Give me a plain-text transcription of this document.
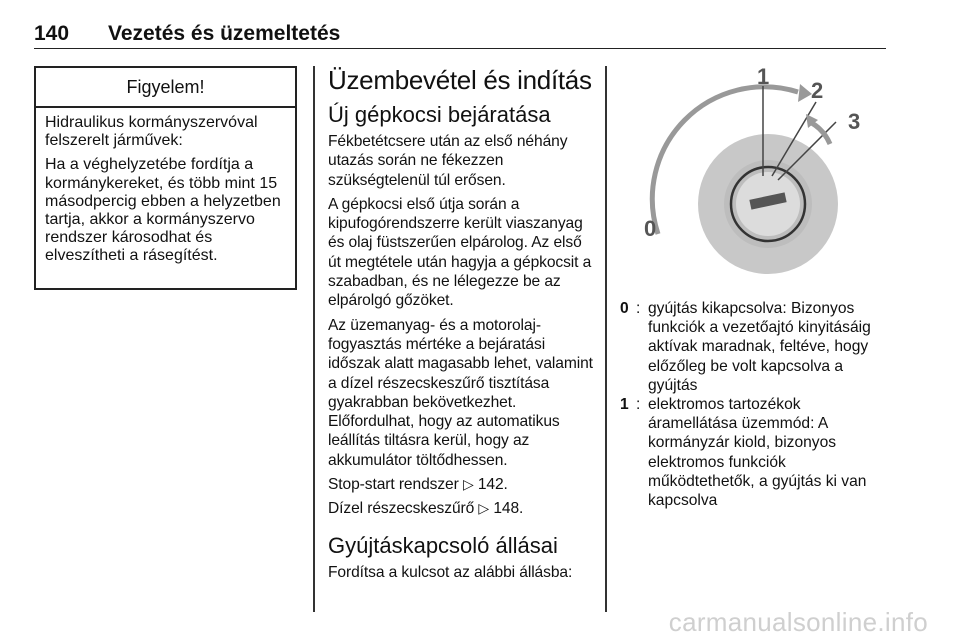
140 Vezetés és üzemeltetés
Figyelem!

Hidraulikus kormányszervóval felszerelt járművek:

Ha a véghelyzetébe fordítja a kormánykereket, és több mint 15 másodpercig ebben a helyzetben tartja, akkor a kormányszervo rendszer károsodhat és elveszítheti a rásegítést.

Üzembevétel és indítás
Új gépkocsi bejáratása

Fékbetétcsere után az első néhány utazás során ne fékezzen szükségtelenül túl erősen.

A gépkocsi első útja során a kipufogórendszerre került viaszanyag és olaj füstszerűen elpárolog. Az első út megtétele után hagyja a gépkocsit a szabadban, és ne lélegezze be az elpárolgó gőzöket.

Az üzemanyag- és a motorolaj-fogyasztás mértéke a bejáratási időszak alatt magasabb lehet, valamint a dízel részecskeszűrő tisztítása gyakrabban bekövetkezhet. Előfordulhat, hogy az automatikus leállítás tiltásra kerül, hogy az akkumulátor töltődhessen.

Stop-start rendszer ▷ 142.

Dízel részecskeszűrő ▷ 148.

Gyújtáskapcsoló állásai

Fordítsa a kulcsot az alábbi állásba:

1
2
3
0
0 : gyújtás kikapcsolva: Bizonyos funkciók a vezetőajtó kinyitásáig aktívak maradnak, feltéve, hogy előzőleg be volt kapcsolva a gyújtás
1 : elektromos tartozékok áramellátása üzemmód: A kormányzár kiold, bizonyos elektromos funkciók működtethetők, a gyújtás ki van kapcsolva
carmanualsonline.info
